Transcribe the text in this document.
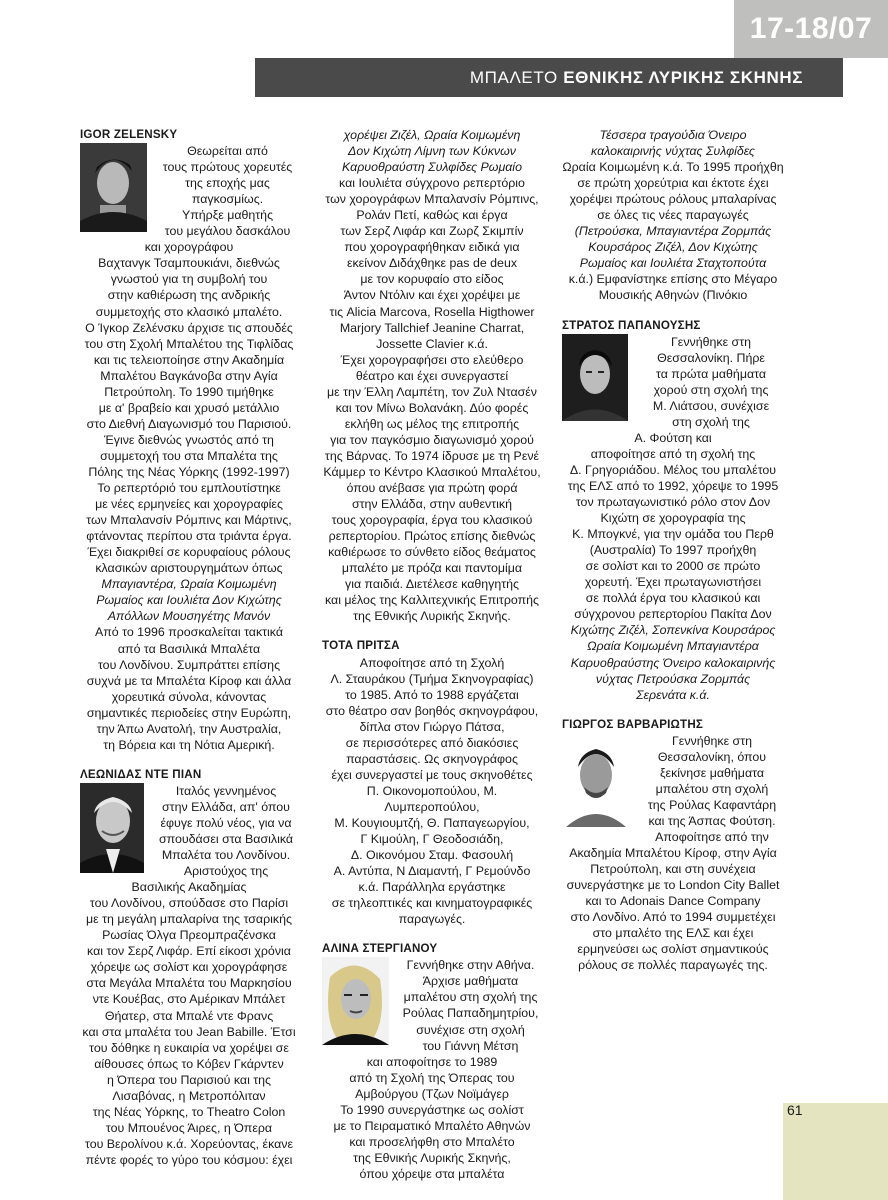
17-18/07
ΜΠΑΛΕΤΟ ΕΘΝΙΚΗΣ ΛΥΡΙΚΗΣ ΣΚΗΝΗΣ

IGOR ZELENSKY

Θεωρείται από
τους πρώτους χορευτές
της εποχής μας
παγκοσμίως.
Υπήρξε μαθητής
του μεγάλου δασκάλου
και χορογράφου
Βαχτανγκ Τσαμπουκιάνι, διεθνώς
γνωστού για τη συμβολή του
στην καθιέρωση της ανδρικής
συμμετοχής στο κλασικό μπαλέτο.
Ο Ίγκορ Ζελένσκυ άρχισε τις σπουδές
του στη Σχολή Μπαλέτου της Τιφλίδας
και τις τελειοποίησε στην Ακαδημία
Μπαλέτου Βαγκάνοβα στην Αγία
Πετρούπολη. Το 1990 τιμήθηκε
με α' βραβείο και χρυσό μετάλλιο
στο Διεθνή Διαγωνισμό του Παρισιού.
Έγινε διεθνώς γνωστός από τη
συμμετοχή του στα Μπαλέτα της
Πόλης της Νέας Υόρκης (1992-1997)
Το ρεπερτόριό του εμπλουτίστηκε
με νέες ερμηνείες και χορογραφίες
των Μπαλανσίν Ρόμπινς και Μάρτινς,
φτάνοντας περίπου στα τριάντα έργα.
Έχει διακριθεί σε κορυφαίους ρόλους
κλασικών αριστουργημάτων όπως
Μπαγιαντέρα, Ωραία Κοιμωμένη
Ρωμαίος και Ιουλιέτα Δον Κιχώτης
Απόλλων Μουσηγέτης Μανόν
Από το 1996 προσκαλείται τακτικά
από τα Βασιλικά Μπαλέτα
του Λονδίνου. Συμπράττει επίσης
συχνά με τα Μπαλέτα Κίροφ και άλλα
χορευτικά σύνολα, κάνοντας
σημαντικές περιοδείες στην Ευρώπη,
την Άπω Ανατολή, την Αυστραλία,
τη Βόρεια και τη Νότια Αμερική.

ΛΕΩΝΙΔΑΣ ΝΤΕ ΠΙΑΝ

Ιταλός γεννημένος
στην Ελλάδα, απ' όπου
έφυγε πολύ νέος, για να
σπουδάσει στα Βασιλικά
Μπαλέτα του Λονδίνου.
Αριστούχος της
Βασιλικής Ακαδημίας
του Λονδίνου, σπούδασε στο Παρίσι
με τη μεγάλη μπαλαρίνα της τσαρικής
Ρωσίας Όλγα Πρεομπραζένσκα
και τον Σερζ Λιφάρ. Επί είκοσι χρόνια
χόρεψε ως σολίστ και χορογράφησε
στα Μεγάλα Μπαλέτα του Μαρκησίου
ντε Κουέβας, στο Αμέρικαν Μπάλετ
Θήατερ, στα Μπαλέ ντε Φρανς
και στα μπαλέτα του Jean Babille. Έτσι
του δόθηκε η ευκαιρία να χορέψει σε
αίθουσες όπως το Κόβεν Γκάρντεν
η Όπερα του Παρισιού και της
Λισαβόνας, η Μετροπόλιταν
της Νέας Υόρκης, το Theatro Colon
του Μπουένος Άιρες, η Όπερα
του Βερολίνου κ.ά. Χορεύοντας, έκανε
πέντε φορές το γύρο του κόσμου: έχει
χορέψει Ζιζέλ, Ωραία Κοιμωμένη
Δον Κιχώτη Λίμνη των Κύκνων
Καρυοθραύστη Συλφίδες Ρωμαίο
και Ιουλιέτα σύγχρονο ρεπερτόριο
των χορογράφων Μπαλανσίν Ρόμπινς,
Ρολάν Πετί, καθώς και έργα
των Σερζ Λιφάρ και Ζωρζ Σκιμπίν
που χορογραφήθηκαν ειδικά για
εκείνον Διδάχθηκε pas de deux
με τον κορυφαίο στο είδος
Άντον Ντόλιν και έχει χορέψει με
τις Alicia Marcova, Rosella Higthower
Marjory Tallchief Jeanine Charrat,
Jossette Clavier κ.ά.
Έχει χορογραφήσει στο ελεύθερο
θέατρο και έχει συνεργαστεί
με την Έλλη Λαμπέτη, τον Ζυλ Ντασέν
και τον Μίνω Βολανάκη. Δύο φορές
εκλήθη ως μέλος της επιτροπής
για τον παγκόσμιο διαγωνισμό χορού
της Βάρνας. Το 1974 ίδρυσε με τη Ρενέ
Κάμμερ το Κέντρο Κλασικού Μπαλέτου,
όπου ανέβασε για πρώτη φορά
στην Ελλάδα, στην αυθεντική
τους χορογραφία, έργα του κλασικού
ρεπερτορίου. Πρώτος επίσης διεθνώς
καθιέρωσε το σύνθετο είδος θεάματος
μπαλέτο με πρόζα και παντομίμα
για παιδιά. Διετέλεσε καθηγητής
και μέλος της Καλλιτεχνικής Επιτροπής
της Εθνικής Λυρικής Σκηνής.

ΤΟΤΑ ΠΡΙΤΣΑ

Αποφοίτησε από τη Σχολή
Λ. Σταυράκου (Τμήμα Σκηνογραφίας)
το 1985. Από το 1988 εργάζεται
στο θέατρο σαν βοηθός σκηνογράφου,
δίπλα στον Γιώργο Πάτσα,
σε περισσότερες από διακόσιες
παραστάσεις. Ως σκηνογράφος
έχει συνεργαστεί με τους σκηνοθέτες
Π. Οικονομοπούλου, Μ. Λυμπεροπούλου,
Μ. Κουγιουμτζή, Θ. Παπαγεωργίου,
Γ Κιμούλη, Γ Θεοδοσιάδη,
Δ. Οικονόμου Σταμ. Φασουλή
Α. Αντύπα, Ν Διαμαντή, Γ Ρεμούνδο
κ.ά. Παράλληλα εργάστηκε
σε τηλεοπτικές και κινηματογραφικές
παραγωγές.

ΑΛΙΝΑ ΣΤΕΡΓΙΑΝΟΥ

Γεννήθηκε στην Αθήνα.
Άρχισε μαθήματα
μπαλέτου στη σχολή της
Ρούλας Παπαδημητρίου,
συνέχισε στη σχολή
του Γιάννη Μέτση
και αποφοίτησε το 1989
από τη Σχολή της Όπερας του
Αμβούργου (Τζων Νοϊμάγερ
Το 1990 συνεργάστηκε ως σολίστ
με το Πειραματικό Μπαλέτο Αθηνών
και προσελήφθη στο Μπαλέτο
της Εθνικής Λυρικής Σκηνής,
όπου χόρεψε στα μπαλέτα
Τέσσερα τραγούδια Όνειρο
καλοκαιρινής νύχτας Συλφίδες
Ωραία Κοιμωμένη κ.ά. Το 1995 προήχθη
σε πρώτη χορεύτρια και έκτοτε έχει
χορέψει πρώτους ρόλους μπαλαρίνας
σε όλες τις νέες παραγωγές
(Πετρούσκα, Μπαγιαντέρα Ζορμπάς
Κουρσάρος Ζιζέλ, Δον Κιχώτης
Ρωμαίος και Ιουλιέτα Σταχτοπούτα
κ.ά.) Εμφανίστηκε επίσης στο Μέγαρο
Μουσικής Αθηνών (Πινόκιο

ΣΤΡΑΤΟΣ ΠΑΠΑΝΟΥΣΗΣ

Γεννήθηκε στη
Θεσσαλονίκη. Πήρε
τα πρώτα μαθήματα
χορού στη σχολή της
Μ. Λιάτσου, συνέχισε
στη σχολή της
Α. Φούτση και
αποφοίτησε από τη σχολή της
Δ. Γρηγοριάδου. Μέλος του μπαλέτου
της ΕΛΣ από το 1992, χόρεψε το 1995
τον πρωταγωνιστικό ρόλο στον Δον
Κιχώτη σε χορογραφία της
Κ. Μπογκνέ, για την ομάδα του Περθ
(Αυστραλία) Το 1997 προήχθη
σε σολίστ και το 2000 σε πρώτο
χορευτή. Έχει πρωταγωνιστήσει
σε πολλά έργα του κλασικού και
σύγχρονου ρεπερτορίου Πακίτα Δον
Κιχώτης Ζιζέλ, Σοπενκίνα Κουρσάρος
Ωραία Κοιμωμένη Μπαγιαντέρα
Καρυοθραύστης Όνειρο καλοκαιρινής
νύχτας Πετρούσκα Ζορμπάς
Σερενάτα κ.ά.

ΓΙΩΡΓΟΣ ΒΑΡΒΑΡΙΩΤΗΣ

Γεννήθηκε στη
Θεσσαλονίκη, όπου
ξεκίνησε μαθήματα
μπαλέτου στη σχολή
της Ρούλας Καφαντάρη
και της Άσπας Φούτση.
Αποφοίτησε από την
Ακαδημία Μπαλέτου Κίροφ, στην Αγία
Πετρούπολη, και στη συνέχεια
συνεργάστηκε με το London City Ballet
και το Adonais Dance Company
στο Λονδίνο. Από το 1994 συμμετέχει
στο μπαλέτο της ΕΛΣ και έχει
ερμηνεύσει ως σολίστ σημαντικούς
ρόλους σε πολλές παραγωγές της.
61
